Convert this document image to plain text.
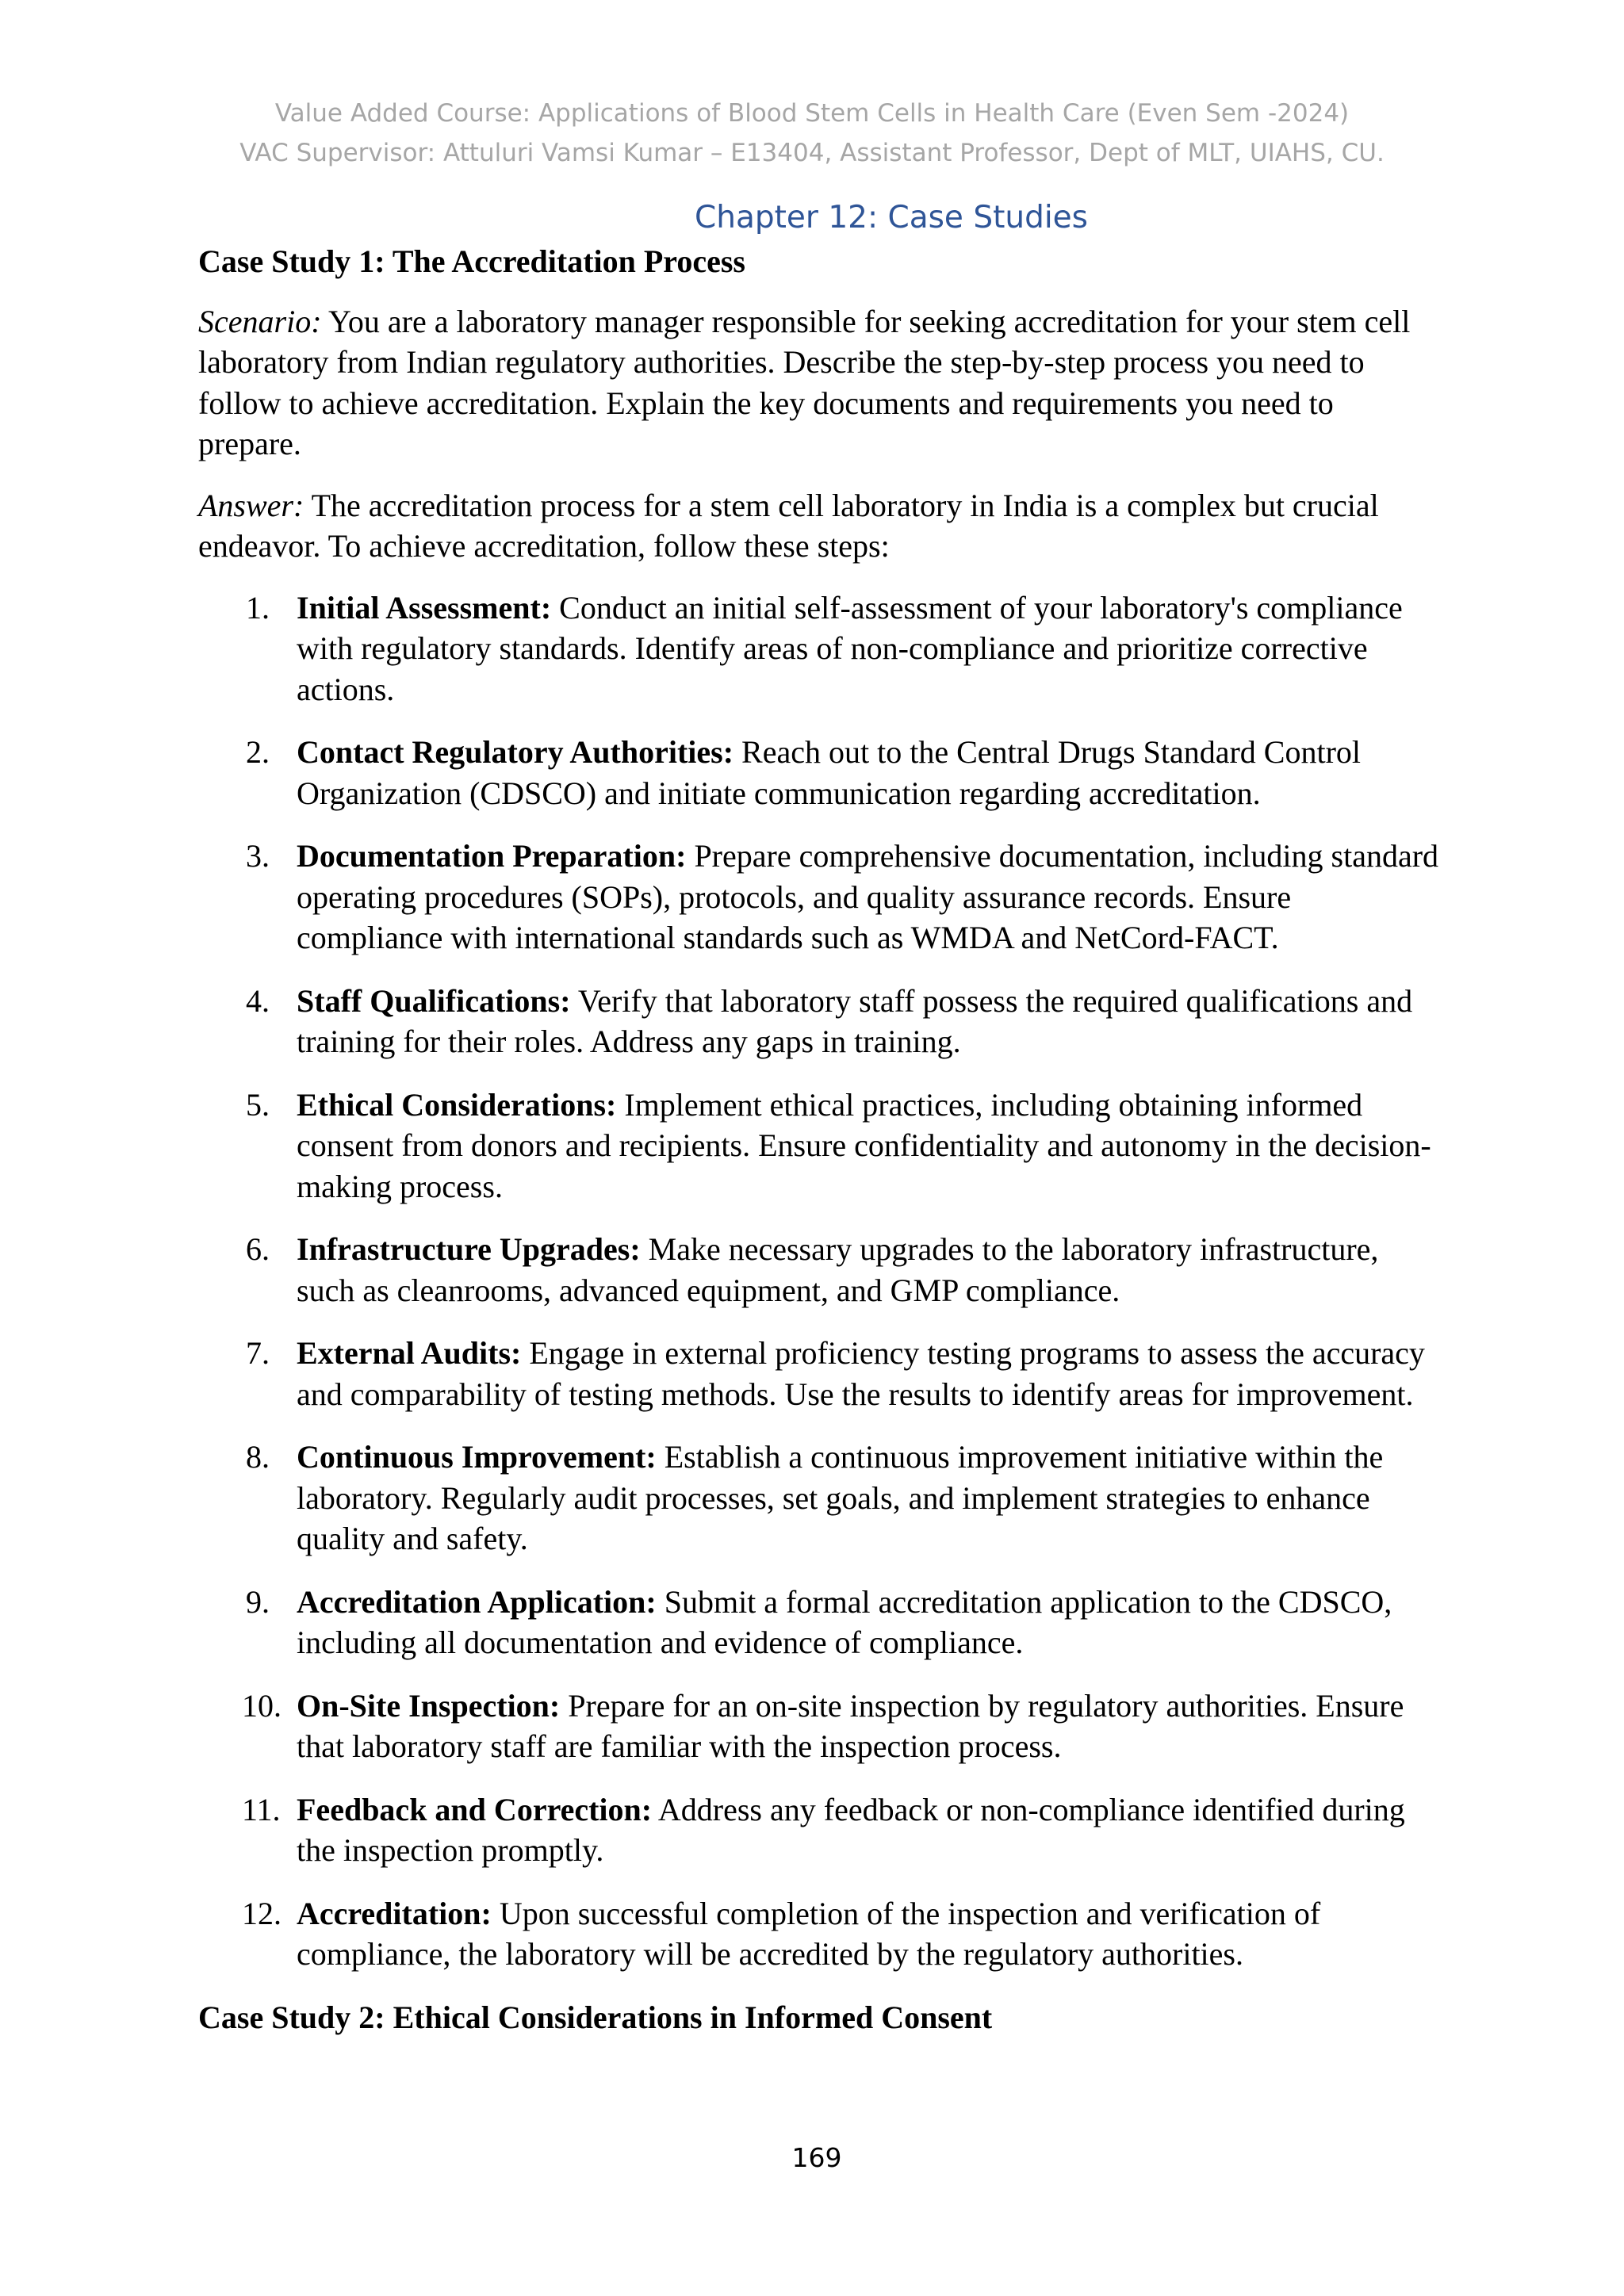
Value Added Course: Applications of Blood Stem Cells in Health Care (Even Sem -2024)
VAC Supervisor: Attuluri Vamsi Kumar – E13404, Assistant Professor, Dept of MLT, UIAHS, CU.
Chapter 12: Case Studies
Case Study 1: The Accreditation Process
Scenario: You are a laboratory manager responsible for seeking accreditation for your stem cell laboratory from Indian regulatory authorities. Describe the step-by-step process you need to follow to achieve accreditation. Explain the key documents and requirements you need to prepare.
Answer: The accreditation process for a stem cell laboratory in India is a complex but crucial endeavor. To achieve accreditation, follow these steps:
1. Initial Assessment: Conduct an initial self-assessment of your laboratory's compliance with regulatory standards. Identify areas of non-compliance and prioritize corrective actions.
2. Contact Regulatory Authorities: Reach out to the Central Drugs Standard Control Organization (CDSCO) and initiate communication regarding accreditation.
3. Documentation Preparation: Prepare comprehensive documentation, including standard operating procedures (SOPs), protocols, and quality assurance records. Ensure compliance with international standards such as WMDA and NetCord-FACT.
4. Staff Qualifications: Verify that laboratory staff possess the required qualifications and training for their roles. Address any gaps in training.
5. Ethical Considerations: Implement ethical practices, including obtaining informed consent from donors and recipients. Ensure confidentiality and autonomy in the decision-making process.
6. Infrastructure Upgrades: Make necessary upgrades to the laboratory infrastructure, such as cleanrooms, advanced equipment, and GMP compliance.
7. External Audits: Engage in external proficiency testing programs to assess the accuracy and comparability of testing methods. Use the results to identify areas for improvement.
8. Continuous Improvement: Establish a continuous improvement initiative within the laboratory. Regularly audit processes, set goals, and implement strategies to enhance quality and safety.
9. Accreditation Application: Submit a formal accreditation application to the CDSCO, including all documentation and evidence of compliance.
10. On-Site Inspection: Prepare for an on-site inspection by regulatory authorities. Ensure that laboratory staff are familiar with the inspection process.
11. Feedback and Correction: Address any feedback or non-compliance identified during the inspection promptly.
12. Accreditation: Upon successful completion of the inspection and verification of compliance, the laboratory will be accredited by the regulatory authorities.
Case Study 2: Ethical Considerations in Informed Consent
169
